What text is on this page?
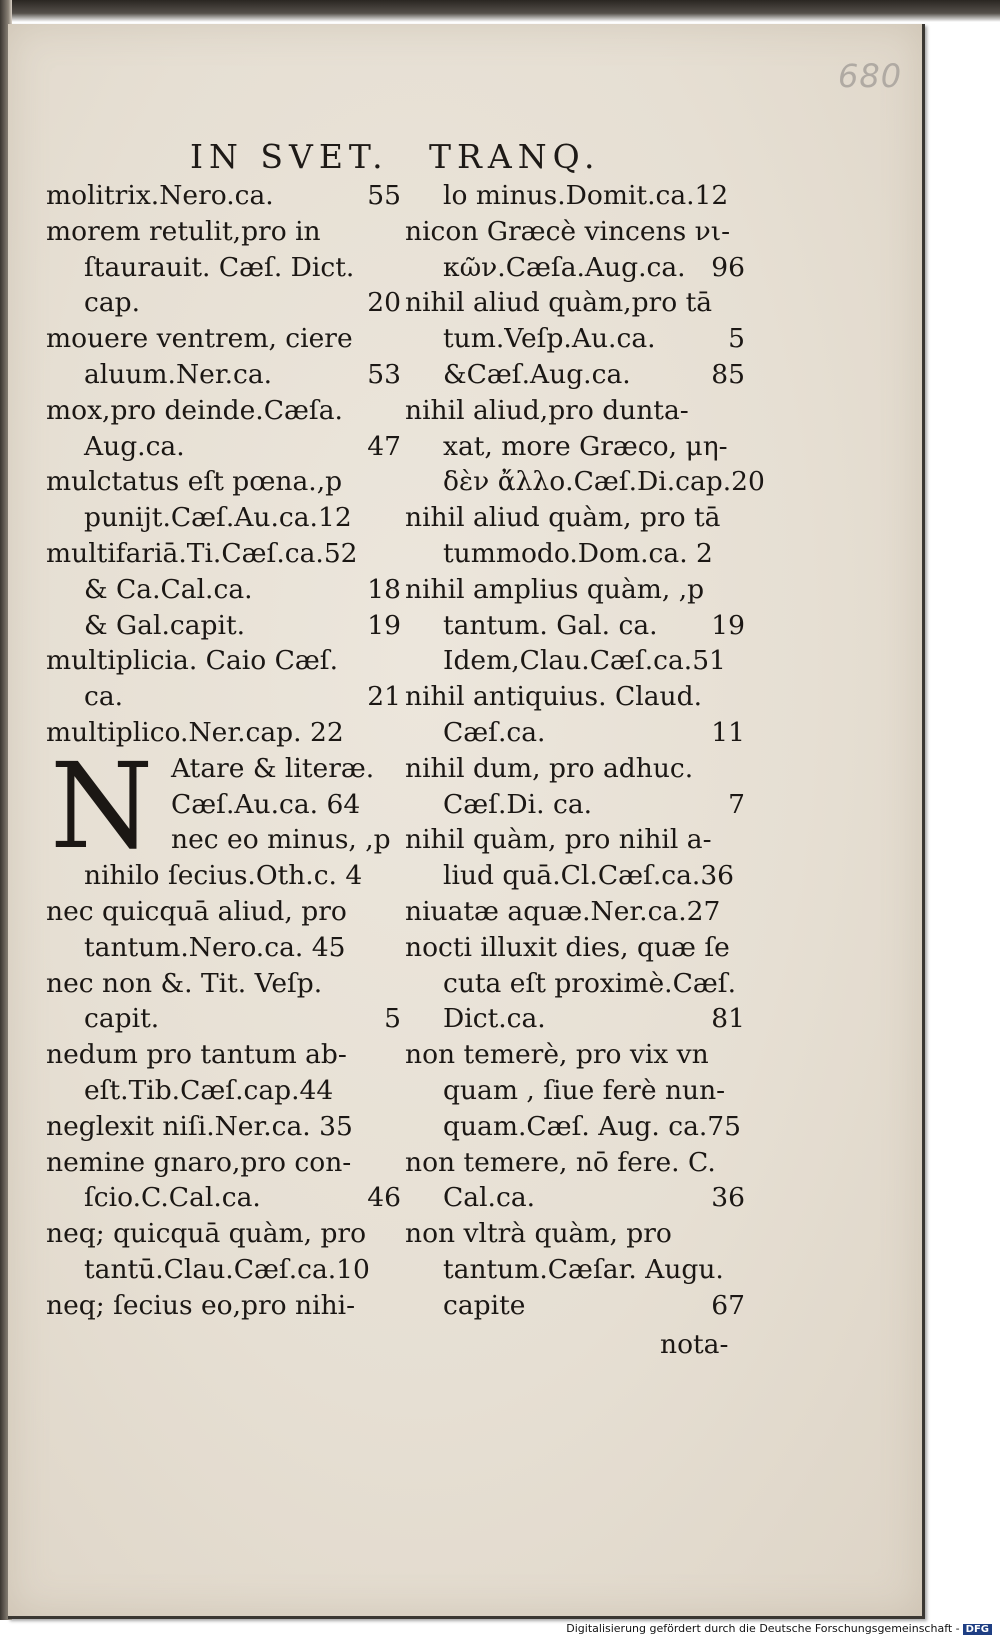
680
IN SVET. TRANQ.
molitrix.Nero.ca.	55
morem retulit,pro in
ſtaurauit. Cæſ. Dict.
cap.	20
mouere ventrem, ciere
aluum.Ner.ca.	53
mox,pro deinde.Cæſa.
Aug.ca.	47
mulctatus eſt pœna.,p
punijt.Cæſ.Au.ca.12
multifariā.Ti.Cæſ.ca.52
& Ca.Cal.ca.	18
& Gal.capit.	19
multiplicia. Caio Cæſ.
ca.	21
multiplico.Ner.cap. 22
Atare & literæ.
Cæſ.Au.ca. 64
nec eo minus, ,p
nihilo ſecius.Oth.c. 4
nec quicquā aliud, pro
tantum.Nero.ca. 45
nec non &. Tit. Veſp.
capit.	5
nedum pro tantum ab-
eſt.Tib.Cæſ.cap.44
neglexit niſi.Ner.ca. 35
nemine gnaro,pro con-
ſcio.C.Cal.ca.	46
neq; quicquā quàm, pro
tantū.Clau.Cæſ.ca.10
neq; ſecius eo,pro nihi-
lo minus.Domit.ca.12
nicon Græcè vincens νι-
κῶν.Cæſa.Aug.ca. 96
nihil aliud quàm,pro tā
tum.Veſp.Au.ca.	5
&Cæſ.Aug.ca.	85
nihil aliud,pro dunta-
xat, more Græco, μη-
δὲν ἄλλο.Cæſ.Di.cap.20
nihil aliud quàm, pro tā
tummodo.Dom.ca. 2
nihil amplius quàm, ,p
tantum. Gal. ca. 19
Idem,Clau.Cæſ.ca.51
nihil antiquius. Claud.
Cæſ.ca.	11
nihil dum, pro adhuc.
Cæſ.Di. ca.	7
nihil quàm, pro nihil a-
liud quā.Cl.Cæſ.ca.36
niuatæ aquæ.Ner.ca.27
nocti illuxit dies, quæ ſe
cuta eſt proximè.Cæſ.
Dict.ca.	81
non temerè, pro vix vn
quam , ſiue ferè nun-
quam.Cæſ. Aug. ca.75
non temere, nō fere. C.
Cal.ca.	36
non vltrà quàm, pro
tantum.Cæſar. Augu.
capite	67
N
nota-
Digitalisierung gefördert durch die Deutsche Forschungsgemeinschaft - DFG
